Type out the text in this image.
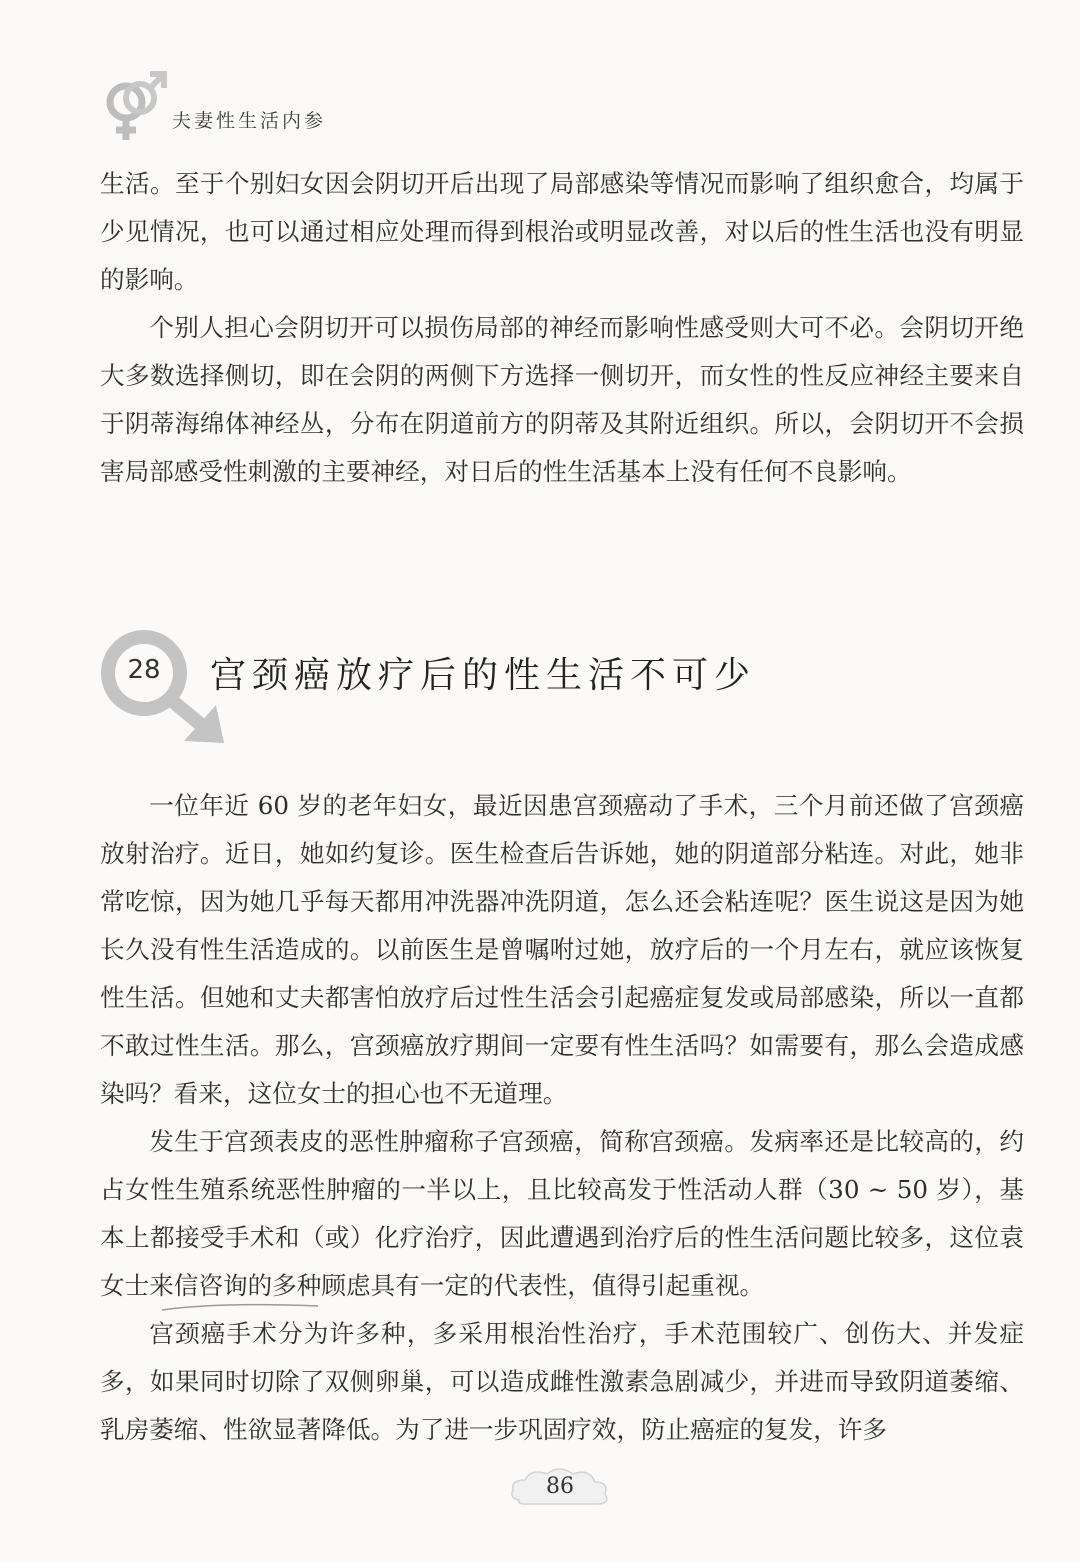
夫妻性生活内参

生活。至于个别妇女因会阴切开后出现了局部感染等情况而影响了组织愈合，均属于少见情况，也可以通过相应处理而得到根治或明显改善，对以后的性生活也没有明显的影响。

个别人担心会阴切开可以损伤局部的神经而影响性感受则大可不必。会阴切开绝大多数选择侧切，即在会阴的两侧下方选择一侧切开，而女性的性反应神经主要来自于阴蒂海绵体神经丛，分布在阴道前方的阴蒂及其附近组织。所以，会阴切开不会损害局部感受性刺激的主要神经，对日后的性生活基本上没有任何不良影响。

28 宫颈癌放疗后的性生活不可少

一位年近 60 岁的老年妇女，最近因患宫颈癌动了手术，三个月前还做了宫颈癌放射治疗。近日，她如约复诊。医生检查后告诉她，她的阴道部分粘连。对此，她非常吃惊，因为她几乎每天都用冲洗器冲洗阴道，怎么还会粘连呢？医生说这是因为她长久没有性生活造成的。以前医生是曾嘱咐过她，放疗后的一个月左右，就应该恢复性生活。但她和丈夫都害怕放疗后过性生活会引起癌症复发或局部感染，所以一直都不敢过性生活。那么，宫颈癌放疗期间一定要有性生活吗？如需要有，那么会造成感染吗？看来，这位女士的担心也不无道理。

发生于宫颈表皮的恶性肿瘤称子宫颈癌，简称宫颈癌。发病率还是比较高的，约占女性生殖系统恶性肿瘤的一半以上，且比较高发于性活动人群（30 ~ 50 岁），基本上都接受手术和（或）化疗治疗，因此遭遇到治疗后的性生活问题比较多，这位袁女士来信咨询的多种顾虑具有一定的代表性，值得引起重视。

宫颈癌手术分为许多种，多采用根治性治疗，手术范围较广、创伤大、并发症多，如果同时切除了双侧卵巢，可以造成雌性激素急剧减少，并进而导致阴道萎缩、乳房萎缩、性欲显著降低。为了进一步巩固疗效，防止癌症的复发，许多

86
